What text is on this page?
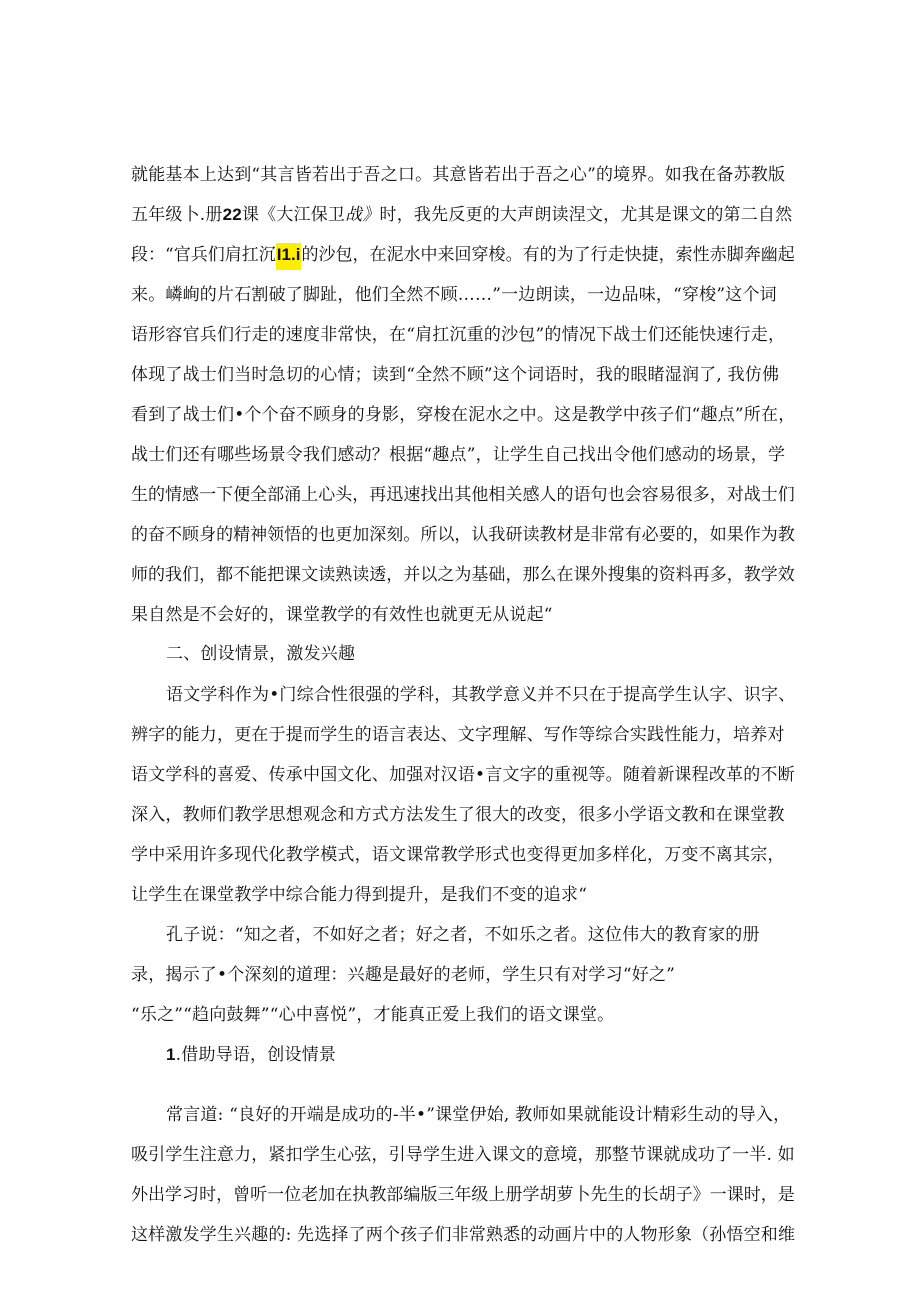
就能基本上达到“其言皆若出于吾之口。其意皆若出于吾之心”的境界。如我在备苏教版
五年级卜.册22课《大江保卫战》时，我先反更的大声朗读涅文，尤其是课文的第二自然
段：“官兵们肩扛沉I1.i的沙包，在泥水中来回穿梭。有的为了行走快捷，索性赤脚奔幽起
来。嶙峋的片石割破了脚趾，他们全然不顾……”一边朗读，一边品味，“穿梭”这个词
语形容官兵们行走的速度非常快，在“肩扛沉重的沙包”的情况下战士们还能快速行走，
体现了战士们当时急切的心情；读到“全然不顾”这个词语时，我的眼睹湿润了, 我仿佛
看到了战士们•个个奋不顾身的身影，穿梭在泥水之中。这是教学中孩子们“趣点”所在，
战士们还有哪些场景令我们感动？根据“趣点”，让学生自己找出令他们感动的场景，学
生的情感一下便全部涌上心头，再迅速找出其他相关感人的语句也会容易很多，对战士们
的奋不顾身的精神领悟的也更加深刻。所以，认我研读教材是非常有必要的，如果作为教
师的我们，都不能把课文读熟读透，并以之为基础，那么在课外搜集的资料再多，教学效
果自然是不会好的，课堂教学的有效性也就更无从说起“
二、创设情景，激发兴趣
语文学科作为•门综合性很强的学科，其教学意义并不只在于提高学生认字、识字、
辨字的能力，更在于提而学生的语言表达、文字理解、写作等综合实践性能力，培养对
语文学科的喜爱、传承中国文化、加强对汉语•言文字的重视等。随着新课程改革的不断
深入，教师们教学思想观念和方式方法发生了很大的改变，很多小学语文教和在课堂教
学中采用许多现代化教学模式，语文课常教学形式也变得更加多样化，万变不离其宗，
让学生在课堂教学中综合能力得到提升，是我们不变的追求“
孔子说：“知之者，不如好之者；好之者，不如乐之者。这位伟大的教育家的册
录，揭示了•个深刻的道理：兴趣是最好的老师，学生只有对学习“好之”
“乐之”“趋向鼓舞”“心中喜悦”，才能真正爱上我们的语文课堂。
1.借助导语，创设情景
常言道: “良好的开端是成功的-半•”课堂伊始, 教师如果就能设计精彩生动的导入，
吸引学生注意力，紧扣学生心弦，引导学生进入课文的意境，那整节课就成功了一半. 如
外出学习时，曾听一位老加在执教部编版三年级上册学胡萝卜先生的长胡子》一课时，是
这样激发学生兴趣的: 先选择了两个孩子们非常熟悉的动画片中的人物形象（孙悟空和维
